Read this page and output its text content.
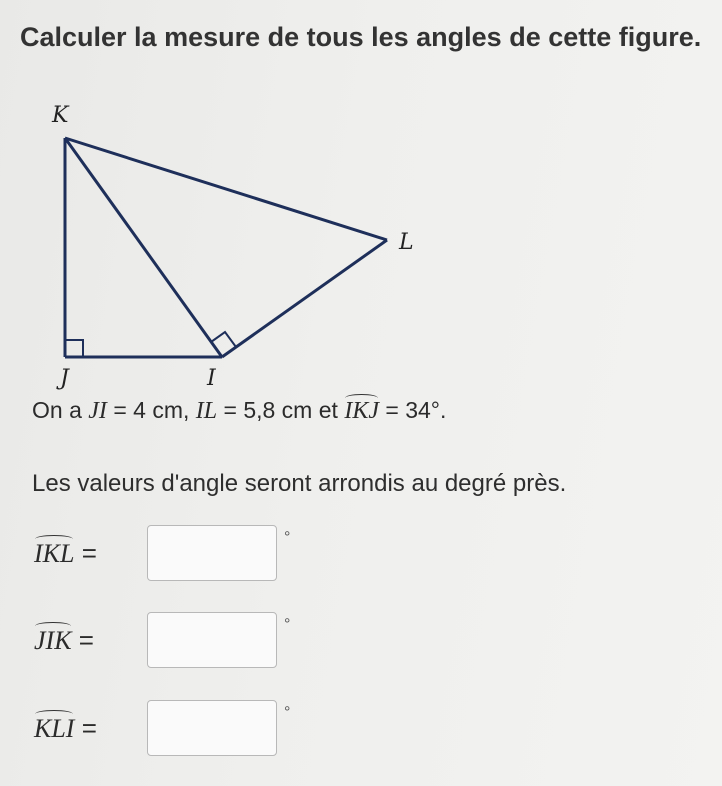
Calculer la mesure de tous les angles de cette figure.
K
L
J	I

On a JI = 4 cm, IL = 5,8 cm et IKJ = 34°.

Les valeurs d'angle seront arrondis au degré près.

IKL =
°
JIK =
°
KLI =
°
